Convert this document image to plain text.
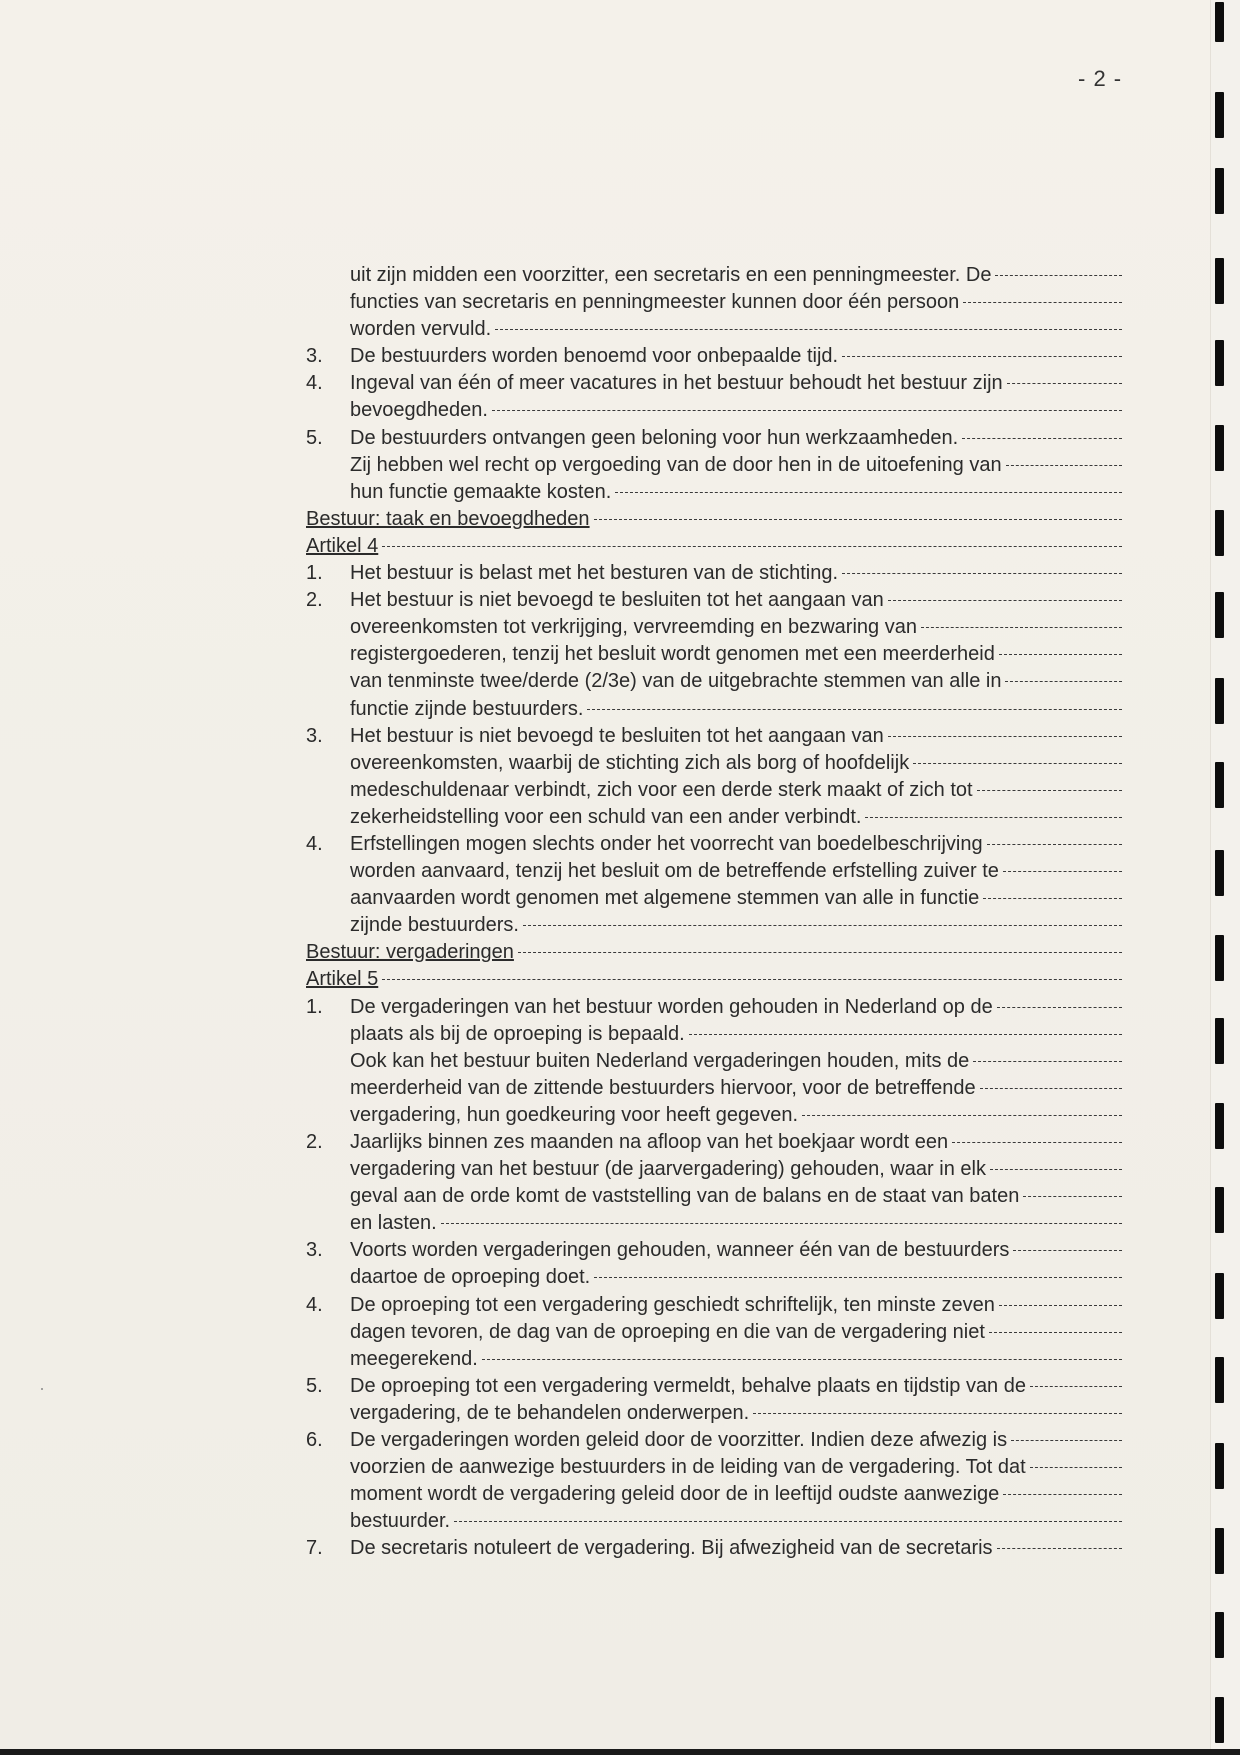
- 2 -
uit zijn midden een voorzitter, een secretaris en een penningmeester. De
functies van secretaris en penningmeester kunnen door één persoon
worden vervuld.
3.	De bestuurders worden benoemd voor onbepaalde tijd.
4.	Ingeval van één of meer vacatures in het bestuur behoudt het bestuur zijn
bevoegdheden.
5.	De bestuurders ontvangen geen beloning voor hun werkzaamheden.
Zij hebben wel recht op vergoeding van de door hen in de uitoefening van
hun functie gemaakte kosten.
Bestuur: taak en bevoegdheden
Artikel 4
1.	Het bestuur is belast met het besturen van de stichting.
2.	Het bestuur is niet bevoegd te besluiten tot het aangaan van
overeenkomsten tot verkrijging, vervreemding en bezwaring van
registergoederen, tenzij het besluit wordt genomen met een meerderheid
van tenminste twee/derde (2/3e) van de uitgebrachte stemmen van alle in
functie zijnde bestuurders.
3.	Het bestuur is niet bevoegd te besluiten tot het aangaan van
overeenkomsten, waarbij de stichting zich als borg of hoofdelijk
medeschuldenaar verbindt, zich voor een derde sterk maakt of zich tot
zekerheidstelling voor een schuld van een ander verbindt.
4.	Erfstellingen mogen slechts onder het voorrecht van boedelbeschrijving
worden aanvaard, tenzij het besluit om de betreffende erfstelling zuiver te
aanvaarden wordt genomen met algemene stemmen van alle in functie
zijnde bestuurders.
Bestuur: vergaderingen
Artikel 5
1.	De vergaderingen van het bestuur worden gehouden in Nederland op de
plaats als bij de oproeping is bepaald.
Ook kan het bestuur buiten Nederland vergaderingen houden, mits de
meerderheid van de zittende bestuurders hiervoor, voor de betreffende
vergadering, hun goedkeuring voor heeft gegeven.
2.	Jaarlijks binnen zes maanden na afloop van het boekjaar wordt een
vergadering van het bestuur (de jaarvergadering) gehouden, waar in elk
geval aan de orde komt de vaststelling van de balans en de staat van baten
en lasten.
3.	Voorts worden vergaderingen gehouden, wanneer één van de bestuurders
daartoe de oproeping doet.
4.	De oproeping tot een vergadering geschiedt schriftelijk, ten minste zeven
dagen tevoren, de dag van de oproeping en die van de vergadering niet
meegerekend.
5.	De oproeping tot een vergadering vermeldt, behalve plaats en tijdstip van de
vergadering, de te behandelen onderwerpen.
6.	De vergaderingen worden geleid door de voorzitter. Indien deze afwezig is
voorzien de aanwezige bestuurders in de leiding van de vergadering. Tot dat
moment wordt de vergadering geleid door de in leeftijd oudste aanwezige
bestuurder.
7.	De secretaris notuleert de vergadering. Bij afwezigheid van de secretaris
